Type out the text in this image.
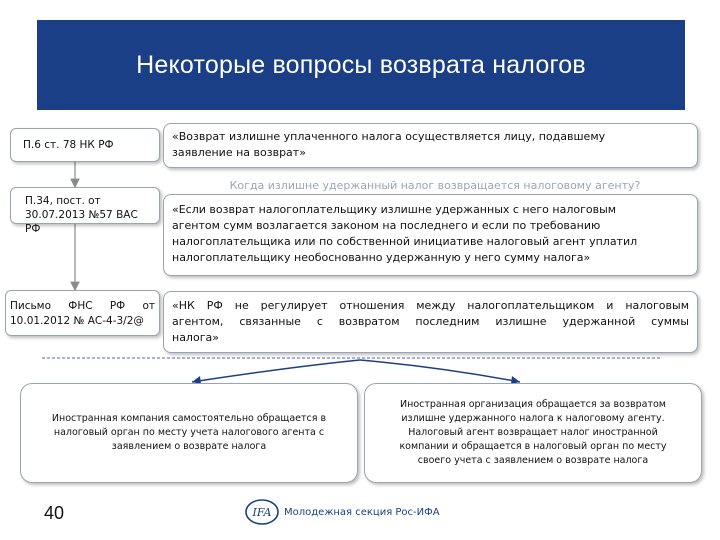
Некоторые вопросы возврата налогов
П.6 ст. 78 НК РФ
П.34, пост. от
30.07.2013 №57 ВАС РФ
Письмо ФНС РФ от
10.01.2012 № АС-4-3/2@
«Возврат излишне уплаченного налога осуществляется лицу, подавшему
заявление на возврат»
Когда излишне удержанный налог возвращается налоговому агенту?
«Если возврат налогоплательщику излишне удержанных с него налоговым
агентом сумм возлагается законом на последнего и если по требованию
налогоплательщика или по собственной инициативе налоговый агент уплатил
налогоплательщику необоснованно удержанную у него сумму налога»
«НК РФ не регулирует отношения между налогоплательщиком и налоговым
агентом, связанные с возвратом последним излишне удержанной суммы
налога»
Иностранная компания самостоятельно обращается в
налоговый орган по месту учета налогового агента с
заявлением о возврате налога
Иностранная организация обращается за возвратом
излишне удержанного налога к налоговому агенту.
Налоговый агент возвращает налог иностранной
компании и обращается в налоговый орган по месту
своего учета с заявлением о возврате налога
40	IFA Молодежная секция Рос-ИФА
